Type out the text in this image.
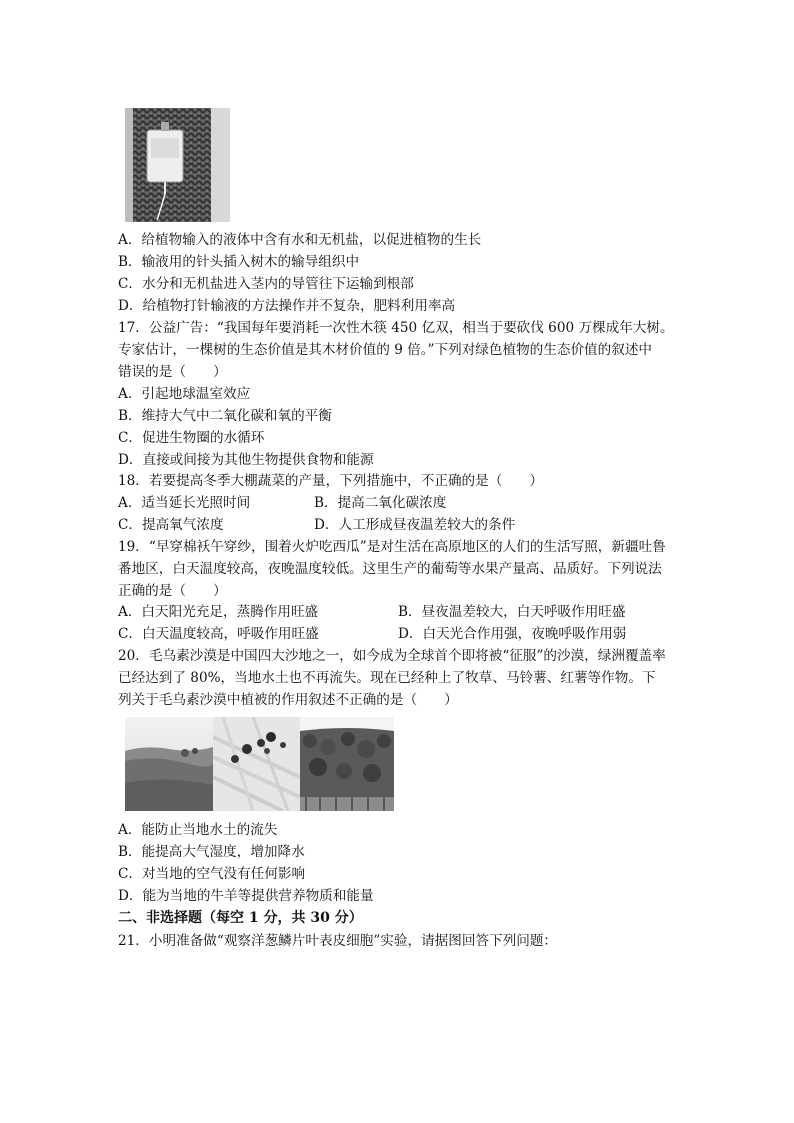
A．给植物输入的液体中含有水和无机盐，以促进植物的生长
B．输液用的针头插入树木的输导组织中
C．水分和无机盐进入茎内的导管往下运输到根部
D．给植物打针输液的方法操作并不复杂，肥料利用率高
17．公益广告：“我国每年要消耗一次性木筷 450 亿双，相当于要砍伐 600 万棵成年大树。
专家估计，一棵树的生态价值是其木材价值的 9 倍。”下列对绿色植物的生态价值的叙述中
错误的是（　　）
A．引起地球温室效应
B．维持大气中二氧化碳和氧的平衡
C．促进生物圈的水循环
D．直接或间接为其他生物提供食物和能源
18．若要提高冬季大棚蔬菜的产量，下列措施中，不正确的是（　　）
A．适当延长光照时间	B．提高二氧化碳浓度
C．提高氧气浓度	D．人工形成昼夜温差较大的条件
19．“早穿棉袄午穿纱，围着火炉吃西瓜”是对生活在高原地区的人们的生活写照，新疆吐鲁
番地区，白天温度较高，夜晚温度较低。这里生产的葡萄等水果产量高、品质好。下列说法
正确的是（　　）
A．白天阳光充足，蒸腾作用旺盛	B．昼夜温差较大，白天呼吸作用旺盛
C．白天温度较高，呼吸作用旺盛	D．白天光合作用强，夜晚呼吸作用弱
20．毛乌素沙漠是中国四大沙地之一，如今成为全球首个即将被“征服”的沙漠，绿洲覆盖率
已经达到了 80%，当地水土也不再流失。现在已经种上了牧草、马铃薯、红薯等作物。下
列关于毛乌素沙漠中植被的作用叙述不正确的是（　　）
A．能防止当地水土的流失
B．能提高大气湿度，增加降水
C．对当地的空气没有任何影响
D．能为当地的牛羊等提供营养物质和能量
二、非选择题（每空 1 分，共 30 分）
21．小明准备做“观察洋葱鳞片叶表皮细胞”实验，请据图回答下列问题：
